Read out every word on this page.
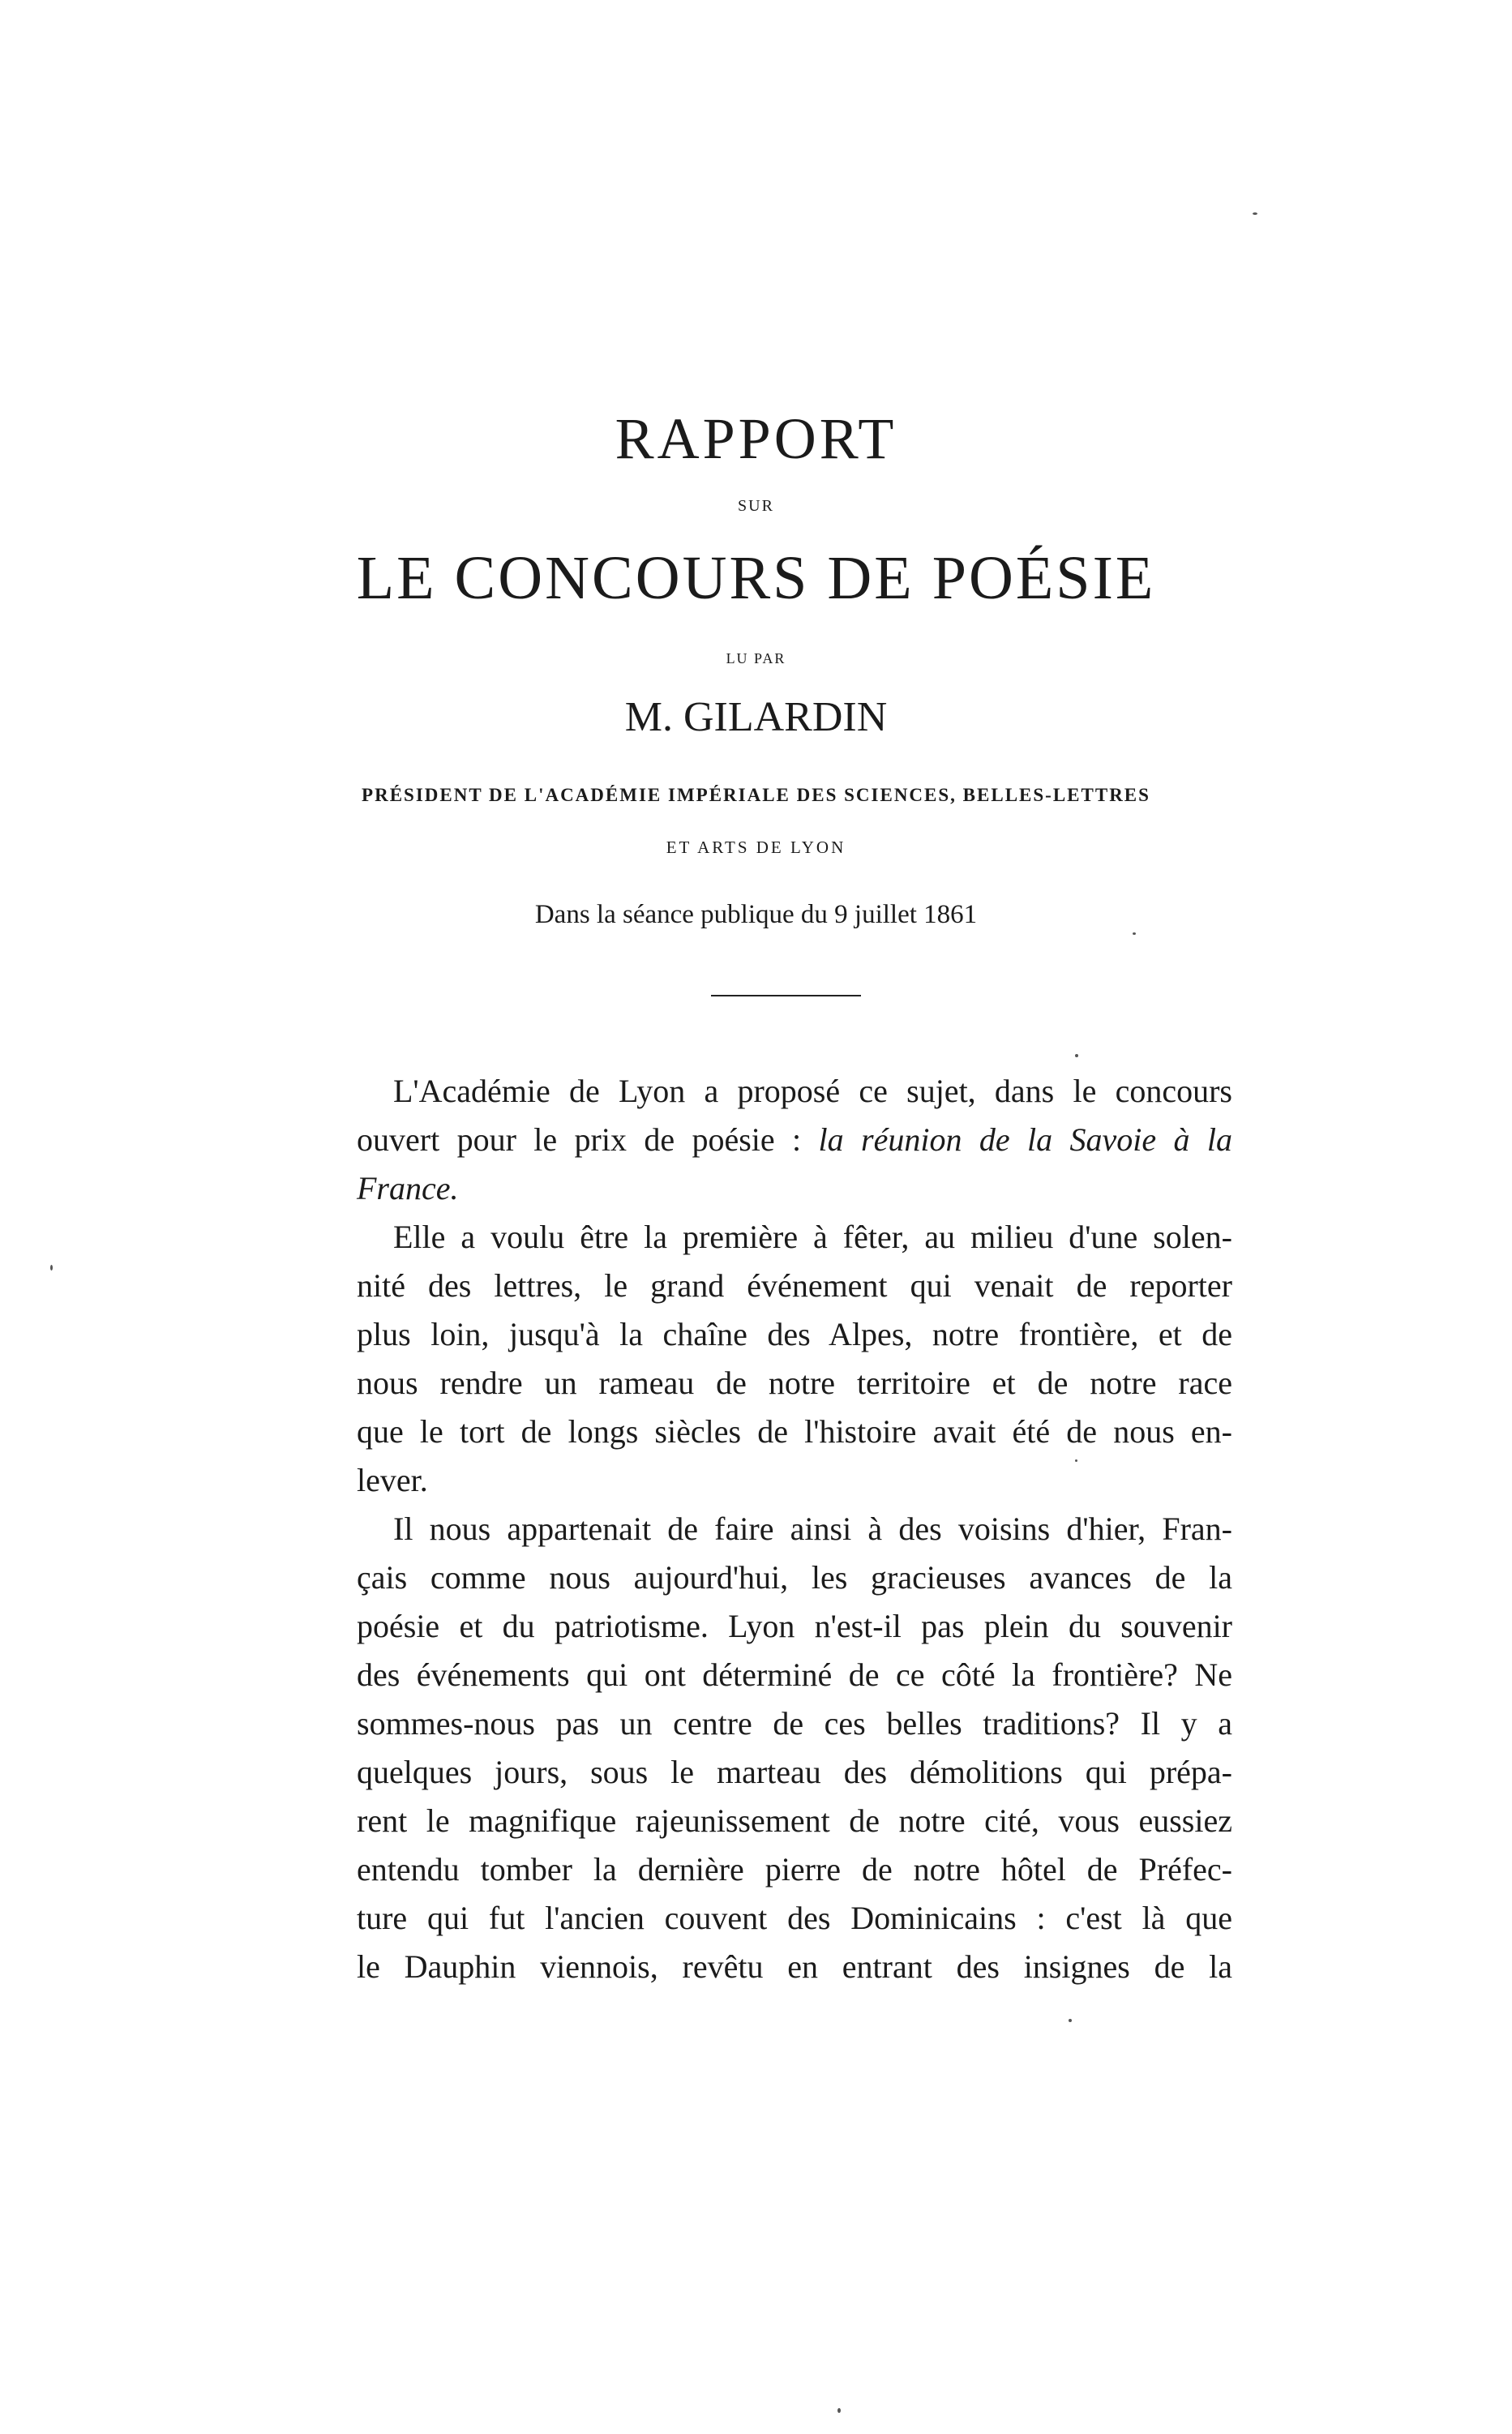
RAPPORT
SUR
LE CONCOURS DE POÉSIE
LU PAR
M. GILARDIN
PRÉSIDENT DE L'ACADÉMIE IMPÉRIALE DES SCIENCES, BELLES-LETTRES
ET ARTS DE LYON
Dans la séance publique du 9 juillet 1861
L'Académie de Lyon a proposé ce sujet, dans le concours
ouvert pour le prix de poésie : la réunion de la Savoie à la
France.
Elle a voulu être la première à fêter, au milieu d'une solen-
nité des lettres, le grand événement qui venait de reporter
plus loin, jusqu'à la chaîne des Alpes, notre frontière, et de
nous rendre un rameau de notre territoire et de notre race
que le tort de longs siècles de l'histoire avait été de nous en-
lever.
Il nous appartenait de faire ainsi à des voisins d'hier, Fran-
çais comme nous aujourd'hui, les gracieuses avances de la
poésie et du patriotisme. Lyon n'est-il pas plein du souvenir
des événements qui ont déterminé de ce côté la frontière? Ne
sommes-nous pas un centre de ces belles traditions? Il y a
quelques jours, sous le marteau des démolitions qui prépa-
rent le magnifique rajeunissement de notre cité, vous eussiez
entendu tomber la dernière pierre de notre hôtel de Préfec-
ture qui fut l'ancien couvent des Dominicains : c'est là que
le Dauphin viennois, revêtu en entrant des insignes de la
